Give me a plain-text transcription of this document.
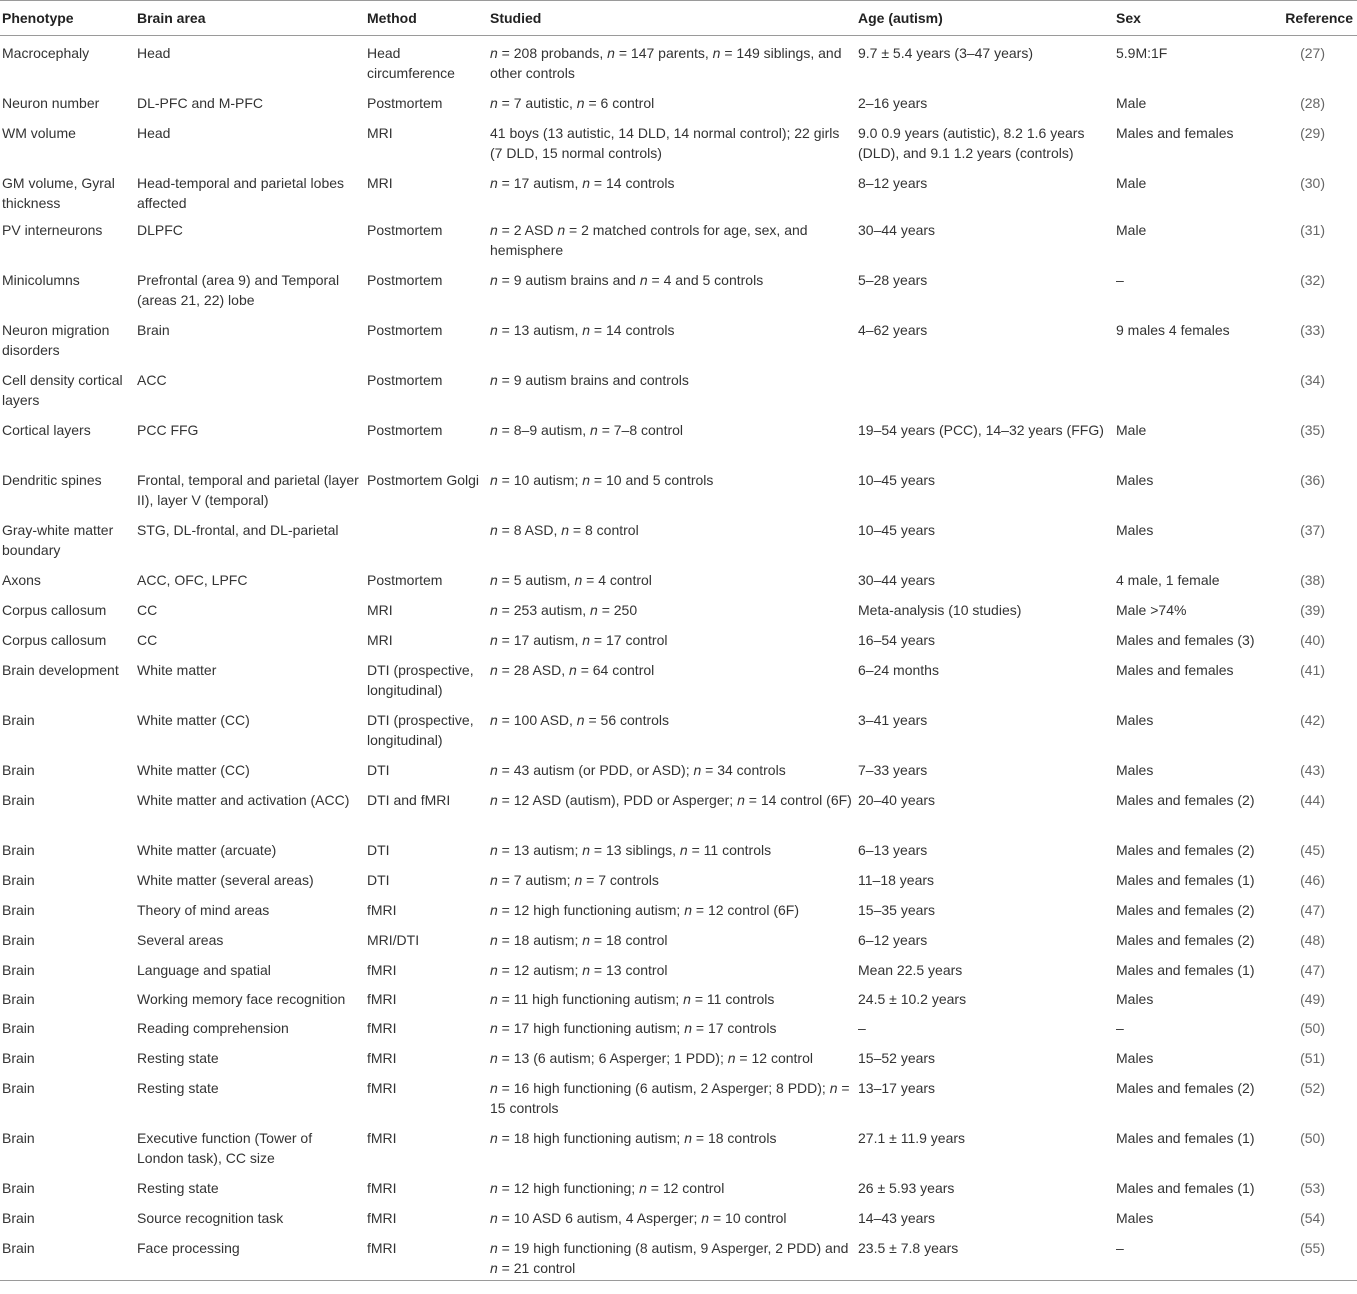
Phenotype	Brain area	Method	Studied	Age (autism)	Sex	Reference
Macrocephaly	Head	Head circumference	n = 208 probands, n = 147 parents, n = 149 siblings, and other controls	9.7 ± 5.4 years (3–47 years)	5.9M:1F	(27)
Neuron number	DL-PFC and M-PFC	Postmortem	n = 7 autistic, n = 6 control	2–16 years	Male	(28)
WM volume	Head	MRI	41 boys (13 autistic, 14 DLD, 14 normal control); 22 girls (7 DLD, 15 normal controls)	9.0 0.9 years (autistic), 8.2 1.6 years (DLD), and 9.1 1.2 years (controls)	Males and females	(29)
GM volume, Gyral thickness	Head-temporal and parietal lobes affected	MRI	n = 17 autism, n = 14 controls	8–12 years	Male	(30)
PV interneurons	DLPFC	Postmortem	n = 2 ASD n = 2 matched controls for age, sex, and hemisphere	30–44 years	Male	(31)
Minicolumns	Prefrontal (area 9) and Temporal (areas 21, 22) lobe	Postmortem	n = 9 autism brains and n = 4 and 5 controls	5–28 years	–	(32)
Neuron migration disorders	Brain	Postmortem	n = 13 autism, n = 14 controls	4–62 years	9 males 4 females	(33)
Cell density cortical layers	ACC	Postmortem	n = 9 autism brains and controls			(34)
Cortical layers	PCC FFG	Postmortem	n = 8–9 autism, n = 7–8 control	19–54 years (PCC), 14–32 years (FFG)	Male	(35)
Dendritic spines	Frontal, temporal and parietal (layer II), layer V (temporal)	Postmortem Golgi	n = 10 autism; n = 10 and 5 controls	10–45 years	Males	(36)
Gray-white matter boundary	STG, DL-frontal, and DL-parietal		n = 8 ASD, n = 8 control	10–45 years	Males	(37)
Axons	ACC, OFC, LPFC	Postmortem	n = 5 autism, n = 4 control	30–44 years	4 male, 1 female	(38)
Corpus callosum	CC	MRI	n = 253 autism, n = 250	Meta-analysis (10 studies)	Male >74%	(39)
Corpus callosum	CC	MRI	n = 17 autism, n = 17 control	16–54 years	Males and females (3)	(40)
Brain development	White matter	DTI (prospective, longitudinal)	n = 28 ASD, n = 64 control	6–24 months	Males and females	(41)
Brain	White matter (CC)	DTI (prospective, longitudinal)	n = 100 ASD, n = 56 controls	3–41 years	Males	(42)
Brain	White matter (CC)	DTI	n = 43 autism (or PDD, or ASD); n = 34 controls	7–33 years	Males	(43)
Brain	White matter and activation (ACC)	DTI and fMRI	n = 12 ASD (autism), PDD or Asperger; n = 14 control (6F)	20–40 years	Males and females (2)	(44)
Brain	White matter (arcuate)	DTI	n = 13 autism; n = 13 siblings, n = 11 controls	6–13 years	Males and females (2)	(45)
Brain	White matter (several areas)	DTI	n = 7 autism; n = 7 controls	11–18 years	Males and females (1)	(46)
Brain	Theory of mind areas	fMRI	n = 12 high functioning autism; n = 12 control (6F)	15–35 years	Males and females (2)	(47)
Brain	Several areas	MRI/DTI	n = 18 autism; n = 18 control	6–12 years	Males and females (2)	(48)
Brain	Language and spatial	fMRI	n = 12 autism; n = 13 control	Mean 22.5 years	Males and females (1)	(47)
Brain	Working memory face recognition	fMRI	n = 11 high functioning autism; n = 11 controls	24.5 ± 10.2 years	Males	(49)
Brain	Reading comprehension	fMRI	n = 17 high functioning autism; n = 17 controls	–	–	(50)
Brain	Resting state	fMRI	n = 13 (6 autism; 6 Asperger; 1 PDD); n = 12 control	15–52 years	Males	(51)
Brain	Resting state	fMRI	n = 16 high functioning (6 autism, 2 Asperger; 8 PDD); n = 15 controls	13–17 years	Males and females (2)	(52)
Brain	Executive function (Tower of London task), CC size	fMRI	n = 18 high functioning autism; n = 18 controls	27.1 ± 11.9 years	Males and females (1)	(50)
Brain	Resting state	fMRI	n = 12 high functioning; n = 12 control	26 ± 5.93 years	Males and females (1)	(53)
Brain	Source recognition task	fMRI	n = 10 ASD 6 autism, 4 Asperger; n = 10 control	14–43 years	Males	(54)
Brain	Face processing	fMRI	n = 19 high functioning (8 autism, 9 Asperger, 2 PDD) and n = 21 control	23.5 ± 7.8 years	–	(55)
